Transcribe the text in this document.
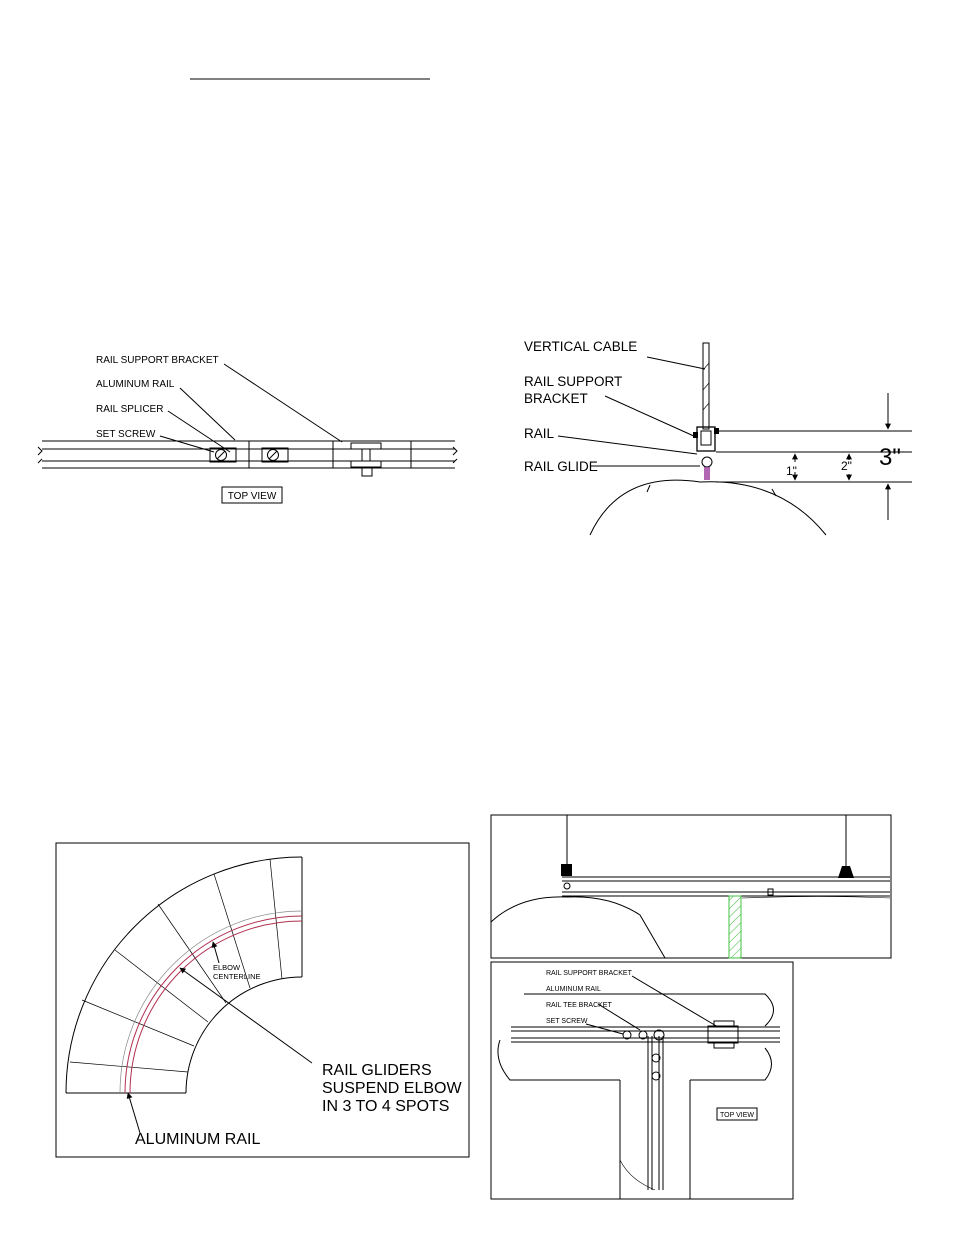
RAIL SUPPORT BRACKET
ALUMINUM RAIL
RAIL SPLICER
SET SCREW
TOP VIEW
VERTICAL CABLE
RAIL SUPPORT
BRACKET
RAIL
RAIL GLIDE	1"	2" 3"
ELBOW
CENTERLINE
RAIL GLIDERS
SUSPEND ELBOW
IN 3 TO 4 SPOTS
ALUMINUM RAIL
RAIL SUPPORT BRACKET
ALUMINUM RAIL
RAIL TEE BRACKET
SET SCREW
TOP VIEW
